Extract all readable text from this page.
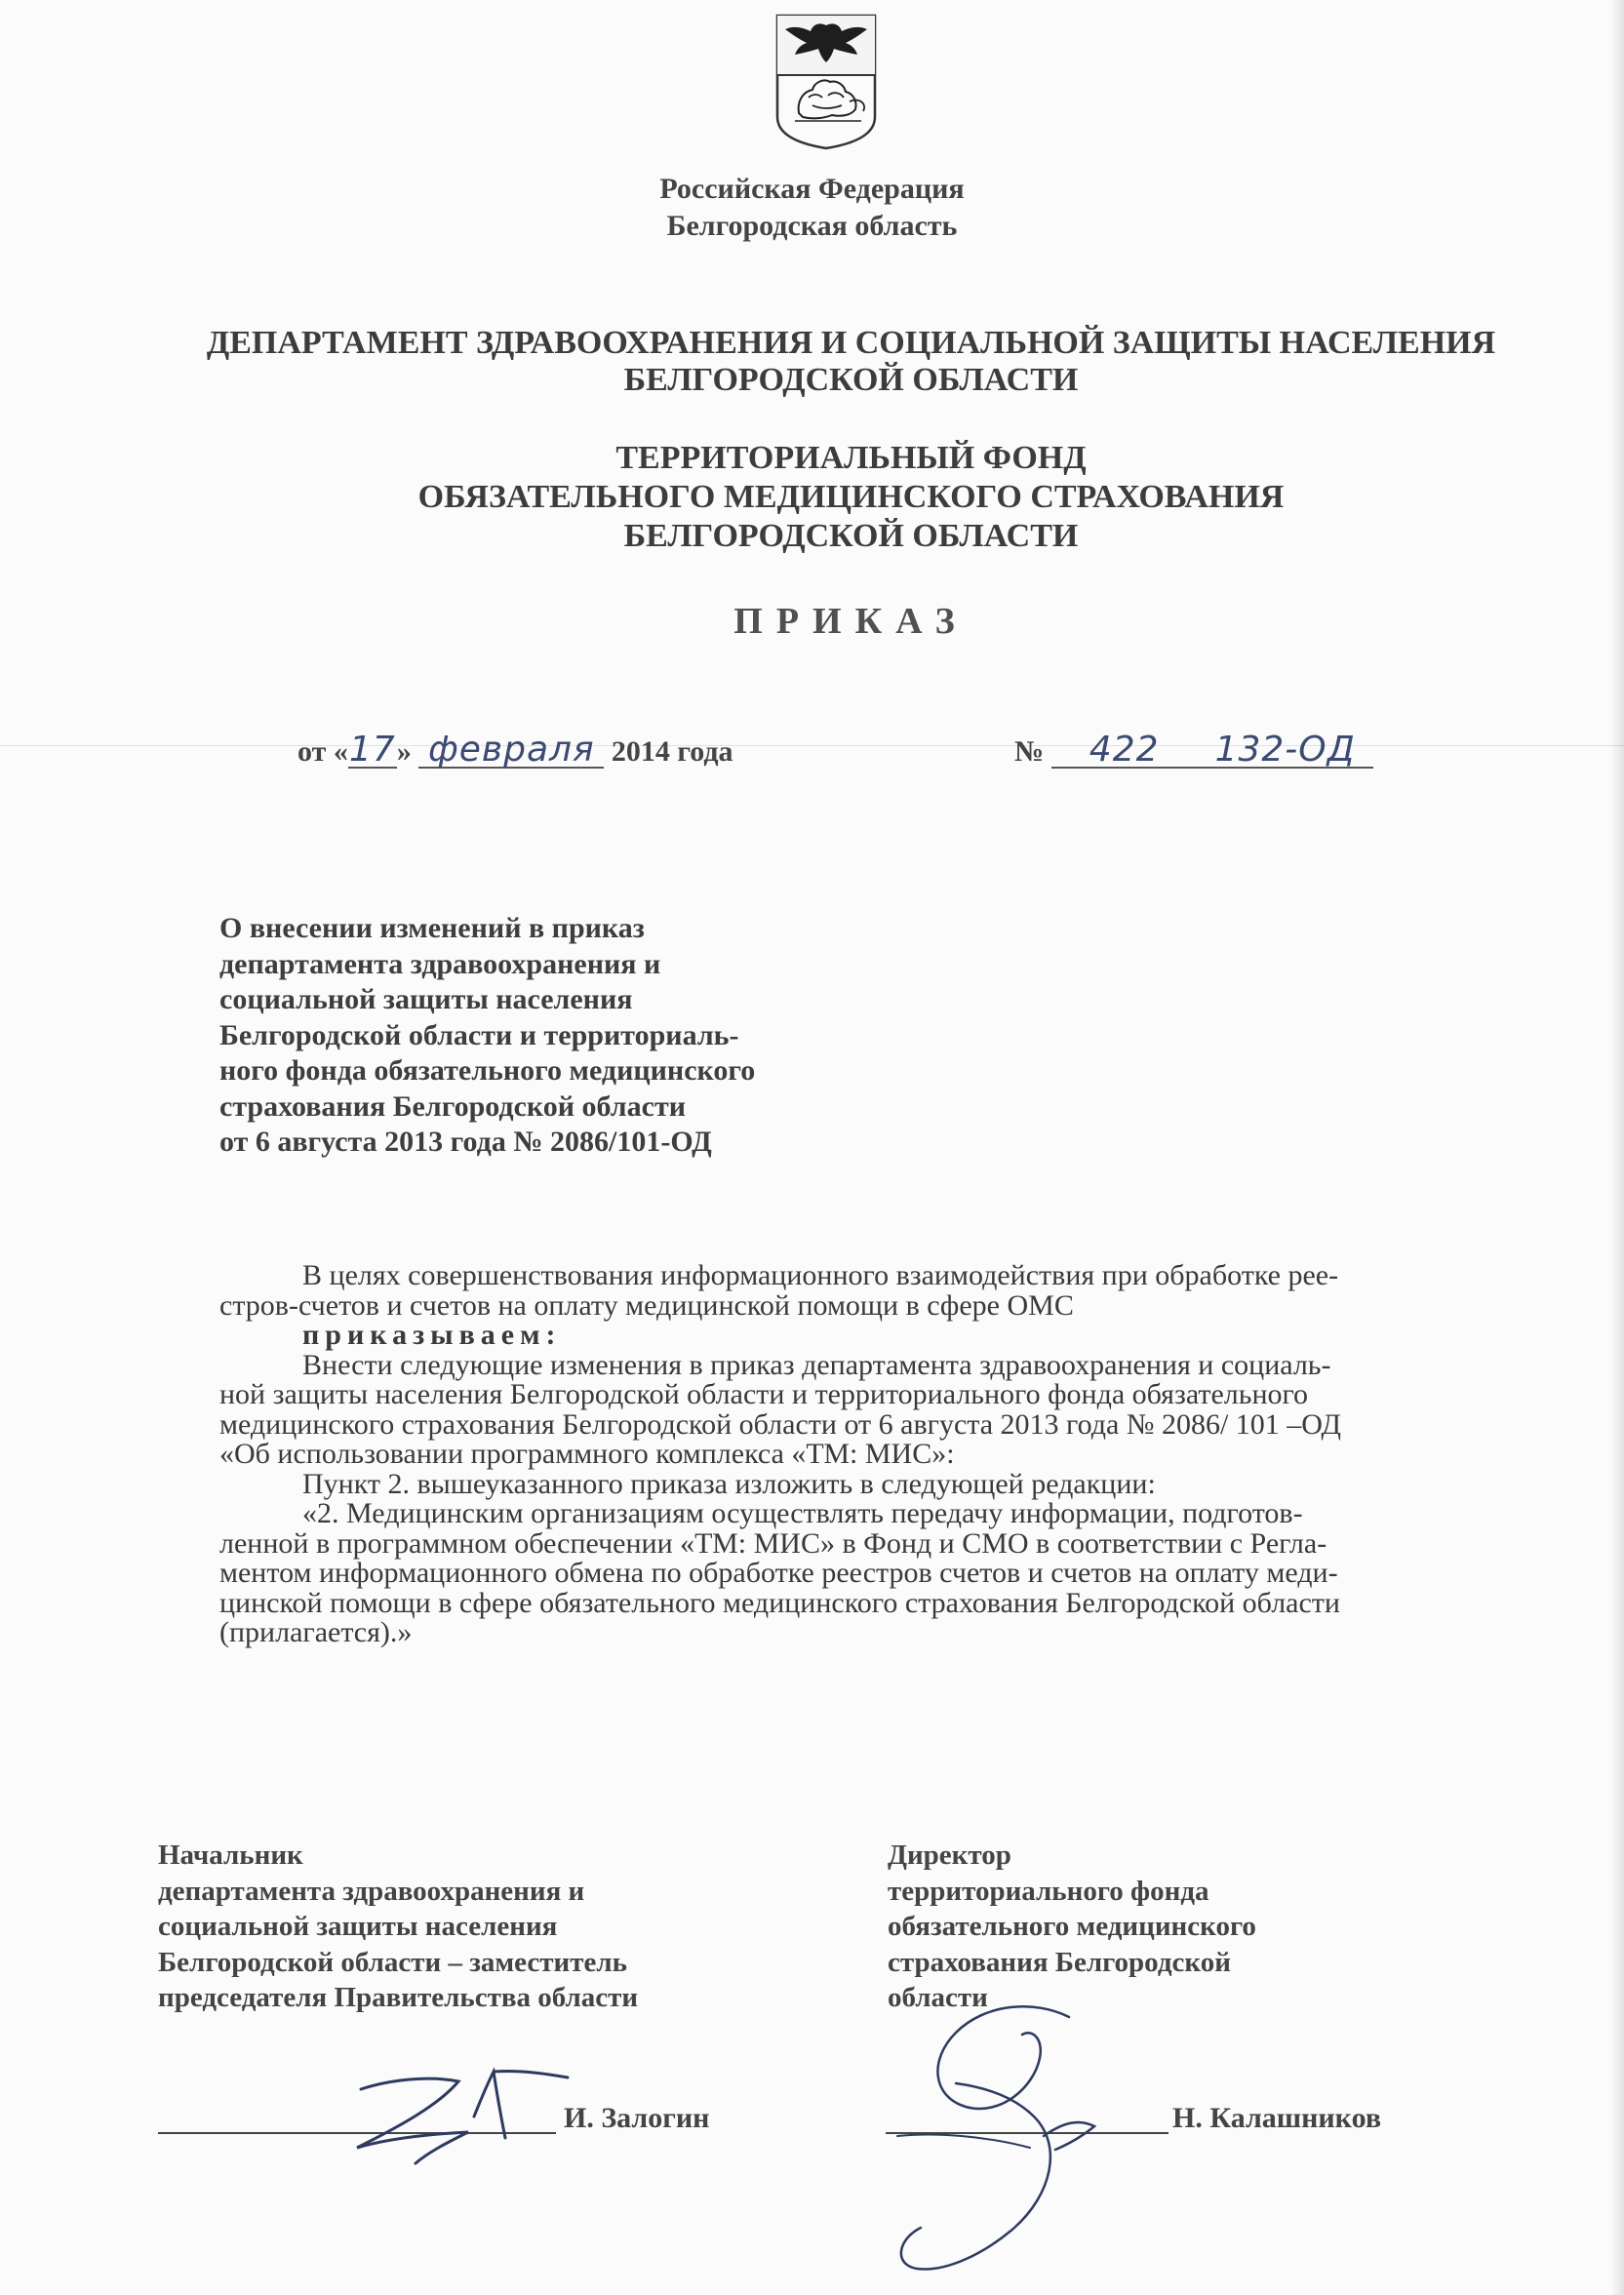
Российская Федерация
Белгородская область
ДЕПАРТАМЕНТ ЗДРАВООХРАНЕНИЯ И СОЦИАЛЬНОЙ ЗАЩИТЫ НАСЕЛЕНИЯ
БЕЛГОРОДСКОЙ ОБЛАСТИ
ТЕРРИТОРИАЛЬНЫЙ ФОНД
ОБЯЗАТЕЛЬНОГО МЕДИЦИНСКОГО СТРАХОВАНИЯ
БЕЛГОРОДСКОЙ ОБЛАСТИ
ПРИКАЗ
от «17» февраля 2014 года	№ 422 132-ОД
О внесении изменений в приказ
департамента здравоохранения и
социальной защиты населения
Белгородской области и территориаль-
ного фонда обязательного медицинского
страхования Белгородской области
от 6 августа 2013 года № 2086/101-ОД
В целях совершенствования информационного взаимодействия при обработке рее-
стров-счетов и счетов на оплату медицинской помощи в сфере ОМС
приказываем:
Внести следующие изменения в приказ департамента здравоохранения и социаль-
ной защиты населения Белгородской области и территориального фонда обязательного
медицинского страхования Белгородской области от 6 августа 2013 года № 2086/ 101 –ОД
«Об использовании программного комплекса «ТМ: МИС»:
Пункт 2. вышеуказанного приказа изложить в следующей редакции:
«2. Медицинским организациям осуществлять передачу информации, подготов-
ленной в программном обеспечении «ТМ: МИС» в Фонд и СМО в соответствии с Регла-
ментом информационного обмена по обработке реестров счетов и счетов на оплату меди-
цинской помощи в сфере обязательного медицинского страхования Белгородской области
(прилагается).»
Начальник
департамента здравоохранения и
социальной защиты населения
Белгородской области – заместитель
председателя Правительства области
Директор
территориального фонда
обязательного медицинского
страхования Белгородской
области
И. Залогин	Н. Калашников
